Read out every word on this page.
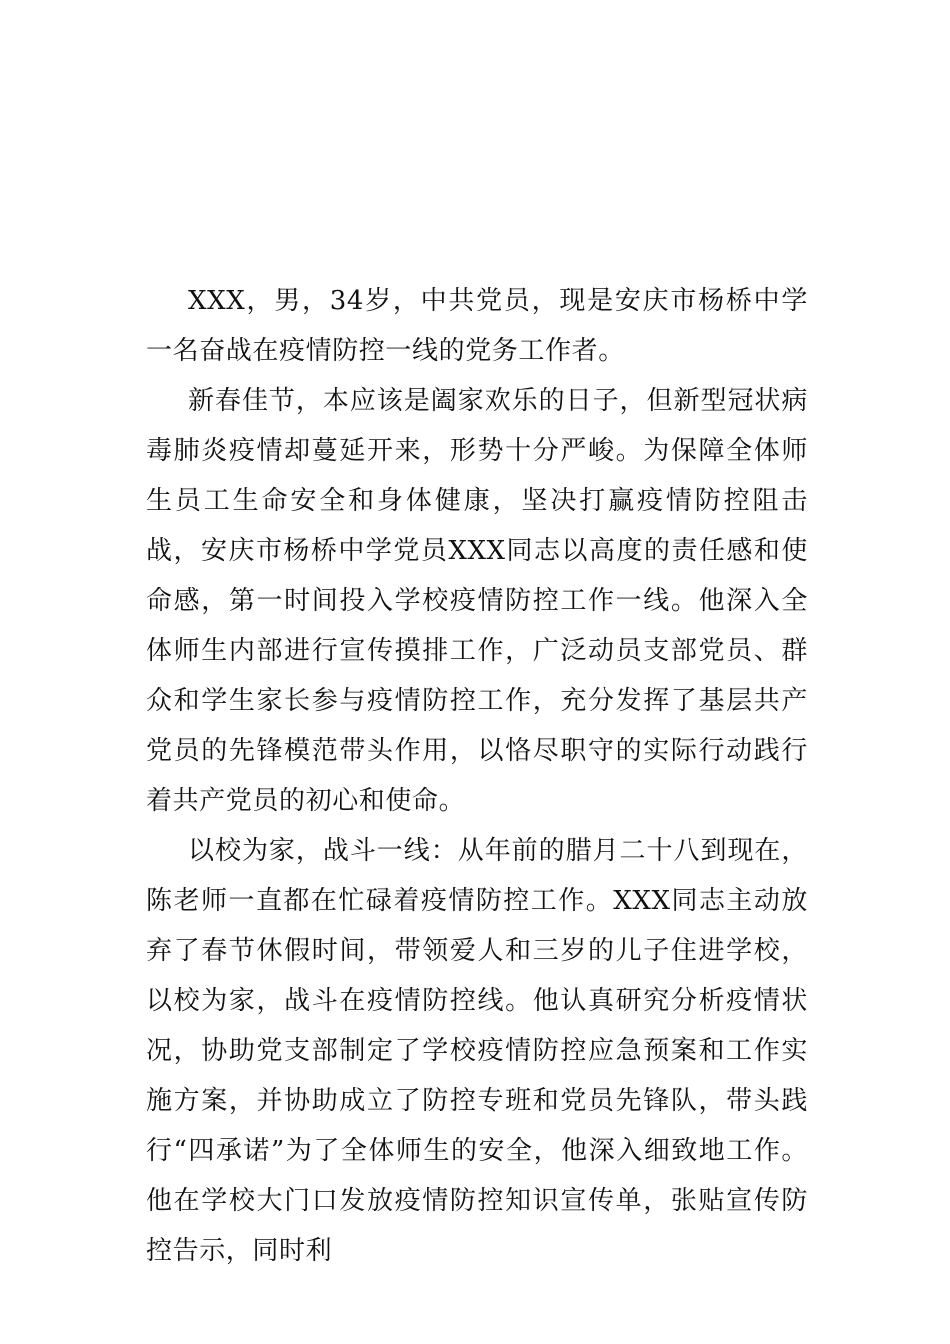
XXX，男，34岁，中共党员，现是安庆市杨桥中学一名奋战在疫情防控一线的党务工作者。

新春佳节，本应该是阖家欢乐的日子，但新型冠状病毒肺炎疫情却蔓延开来，形势十分严峻。为保障全体师生员工生命安全和身体健康，坚决打赢疫情防控阻击战，安庆市杨桥中学党员XXX同志以高度的责任感和使命感，第一时间投入学校疫情防控工作一线。他深入全体师生内部进行宣传摸排工作，广泛动员支部党员、群众和学生家长参与疫情防控工作，充分发挥了基层共产党员的先锋模范带头作用，以恪尽职守的实际行动践行着共产党员的初心和使命。

以校为家，战斗一线：从年前的腊月二十八到现在，陈老师一直都在忙碌着疫情防控工作。XXX同志主动放弃了春节休假时间，带领爱人和三岁的儿子住进学校，以校为家，战斗在疫情防控线。他认真研究分析疫情状况，协助党支部制定了学校疫情防控应急预案和工作实施方案，并协助成立了防控专班和党员先锋队，带头践行“四承诺”为了全体师生的安全，他深入细致地工作。他在学校大门口发放疫情防控知识宣传单，张贴宣传防控告示，同时利
